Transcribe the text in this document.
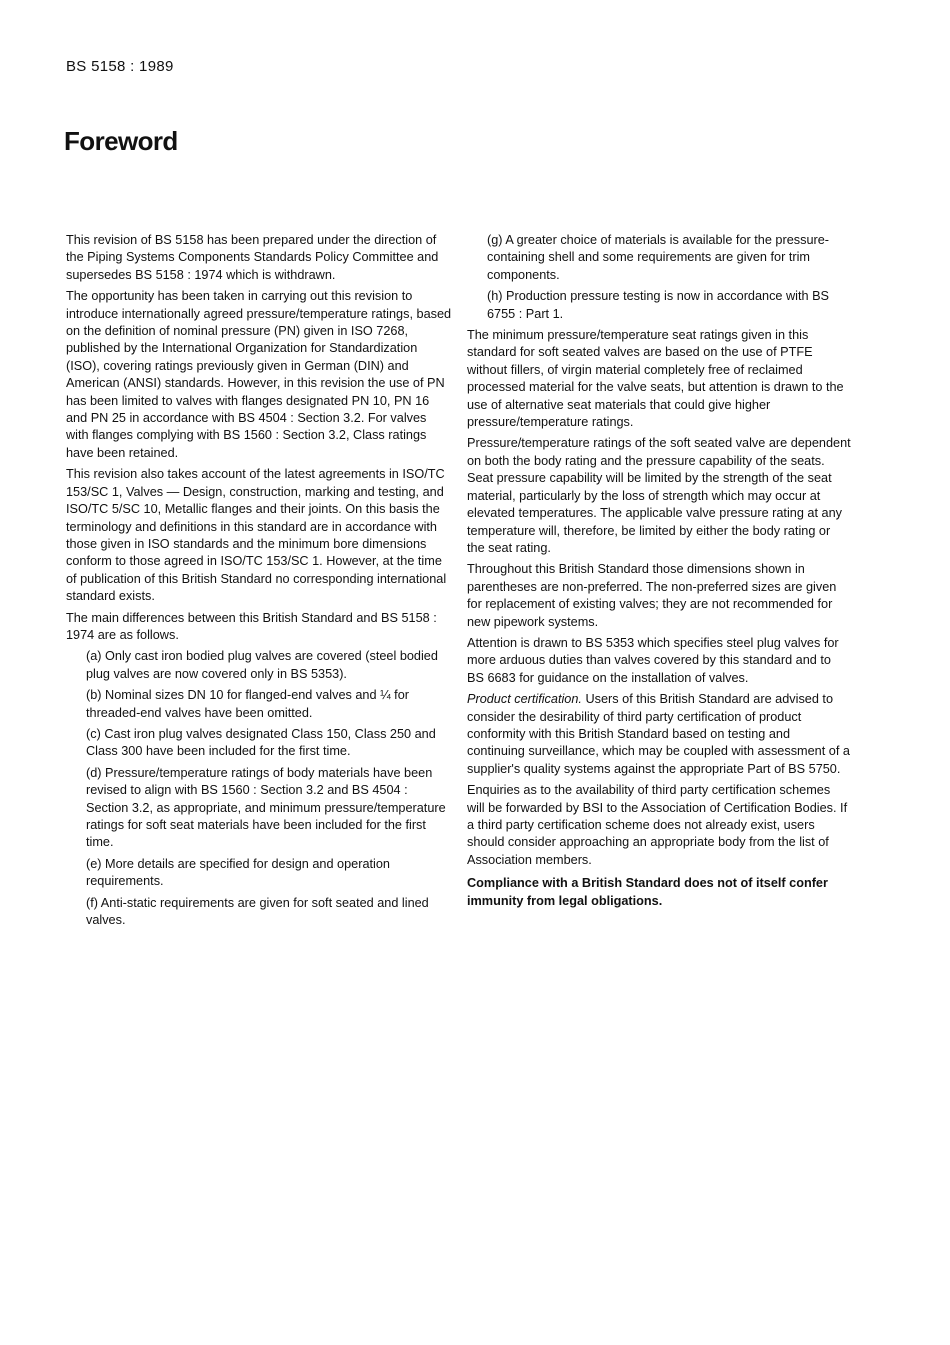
BS 5158 : 1989
Foreword

This revision of BS 5158 has been prepared under the direction of the Piping Systems Components Standards Policy Committee and supersedes BS 5158 : 1974 which is withdrawn.

The opportunity has been taken in carrying out this revision to introduce internationally agreed pressure/temperature ratings, based on the definition of nominal pressure (PN) given in ISO 7268, published by the International Organization for Standardization (ISO), covering ratings previously given in German (DIN) and American (ANSI) standards. However, in this revision the use of PN has been limited to valves with flanges designated PN 10, PN 16 and PN 25 in accordance with BS 4504 : Section 3.2. For valves with flanges complying with BS 1560 : Section 3.2, Class ratings have been retained.

This revision also takes account of the latest agreements in ISO/TC 153/SC 1, Valves — Design, construction, marking and testing, and ISO/TC 5/SC 10, Metallic flanges and their joints. On this basis the terminology and definitions in this standard are in accordance with those given in ISO standards and the minimum bore dimensions conform to those agreed in ISO/TC 153/SC 1. However, at the time of publication of this British Standard no corresponding international standard exists.

The main differences between this British Standard and BS 5158 : 1974 are as follows.

(a) Only cast iron bodied plug valves are covered (steel bodied plug valves are now covered only in BS 5353).

(b) Nominal sizes DN 10 for flanged-end valves and ¼ for threaded-end valves have been omitted.

(c) Cast iron plug valves designated Class 150, Class 250 and Class 300 have been included for the first time.

(d) Pressure/temperature ratings of body materials have been revised to align with BS 1560 : Section 3.2 and BS 4504 : Section 3.2, as appropriate, and minimum pressure/temperature ratings for soft seat materials have been included for the first time.

(e) More details are specified for design and operation requirements.

(f) Anti-static requirements are given for soft seated and lined valves.

(g) A greater choice of materials is available for the pressure-containing shell and some requirements are given for trim components.

(h) Production pressure testing is now in accordance with BS 6755 : Part 1.

The minimum pressure/temperature seat ratings given in this standard for soft seated valves are based on the use of PTFE without fillers, of virgin material completely free of reclaimed processed material for the valve seats, but attention is drawn to the use of alternative seat materials that could give higher pressure/temperature ratings.

Pressure/temperature ratings of the soft seated valve are dependent on both the body rating and the pressure capability of the seats. Seat pressure capability will be limited by the strength of the seat material, particularly by the loss of strength which may occur at elevated temperatures. The applicable valve pressure rating at any temperature will, therefore, be limited by either the body rating or the seat rating.

Throughout this British Standard those dimensions shown in parentheses are non-preferred. The non-preferred sizes are given for replacement of existing valves; they are not recommended for new pipework systems.

Attention is drawn to BS 5353 which specifies steel plug valves for more arduous duties than valves covered by this standard and to BS 6683 for guidance on the installation of valves.

Product certification. Users of this British Standard are advised to consider the desirability of third party certification of product conformity with this British Standard based on testing and continuing surveillance, which may be coupled with assessment of a supplier's quality systems against the appropriate Part of BS 5750.

Enquiries as to the availability of third party certification schemes will be forwarded by BSI to the Association of Certification Bodies. If a third party certification scheme does not already exist, users should consider approaching an appropriate body from the list of Association members.

Compliance with a British Standard does not of itself confer immunity from legal obligations.
